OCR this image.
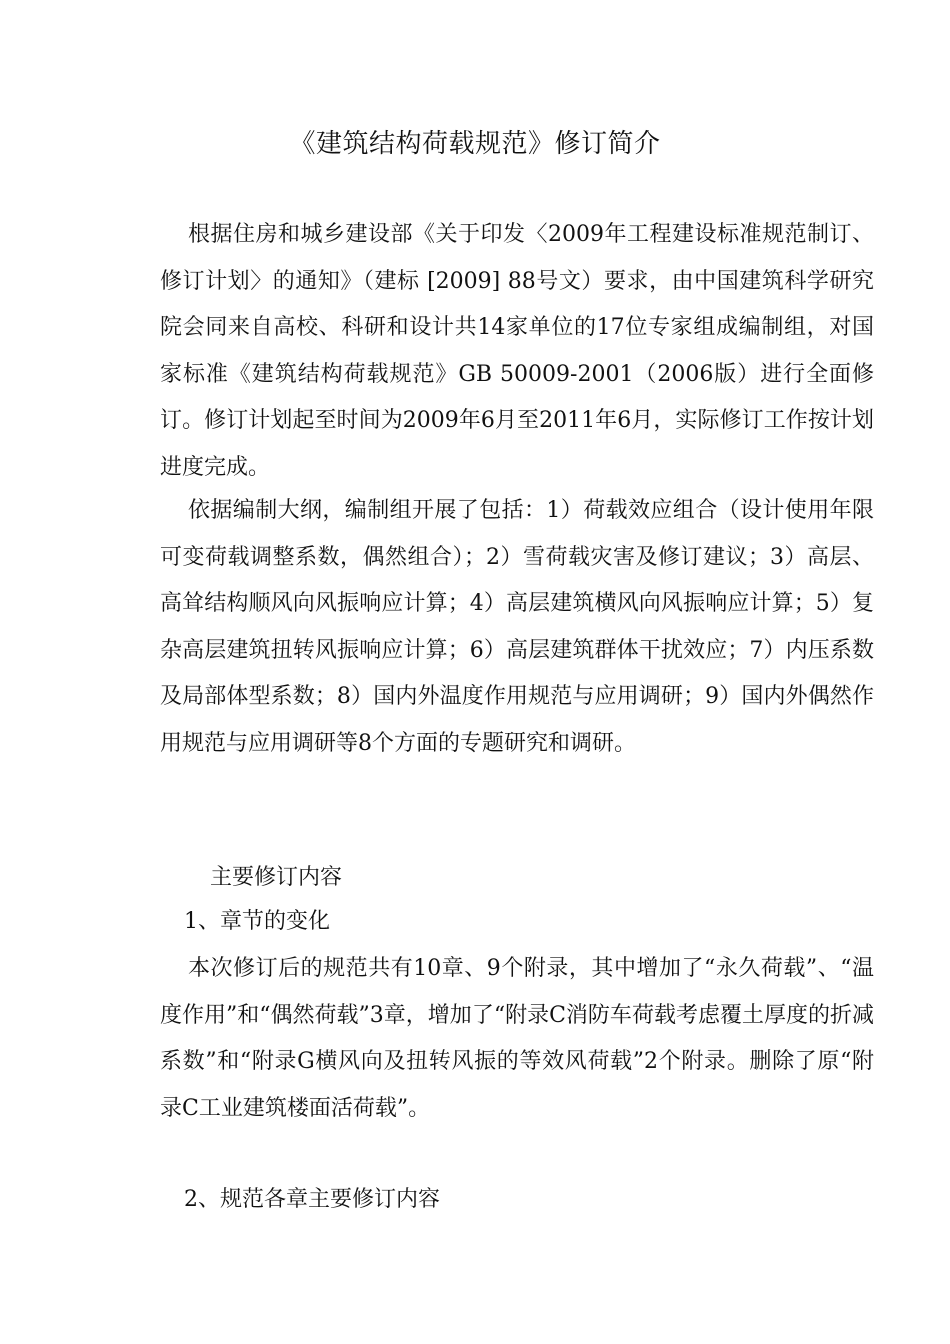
《建筑结构荷载规范》修订简介

根据住房和城乡建设部《关于印发〈2009年工程建设标准规范制订、修订计划〉的通知》（建标 [2009] 88号文）要求，由中国建筑科学研究院会同来自高校、科研和设计共14家单位的17位专家组成编制组，对国家标准《建筑结构荷载规范》GB 50009-2001（2006版）进行全面修订。修订计划起至时间为2009年6月至2011年6月，实际修订工作按计划进度完成。

依据编制大纲，编制组开展了包括：1）荷载效应组合（设计使用年限可变荷载调整系数，偶然组合）；2）雪荷载灾害及修订建议；3）高层、高耸结构顺风向风振响应计算；4）高层建筑横风向风振响应计算；5）复杂高层建筑扭转风振响应计算；6）高层建筑群体干扰效应；7）内压系数及局部体型系数；8）国内外温度作用规范与应用调研；9）国内外偶然作用规范与应用调研等8个方面的专题研究和调研。

主要修订内容
1、章节的变化

本次修订后的规范共有10章、9个附录，其中增加了“永久荷载”、“温度作用”和“偶然荷载”3章，增加了“附录C消防车荷载考虑覆土厚度的折减系数”和“附录G横风向及扭转风振的等效风荷载”2个附录。删除了原“附录C工业建筑楼面活荷载”。

2、规范各章主要修订内容
